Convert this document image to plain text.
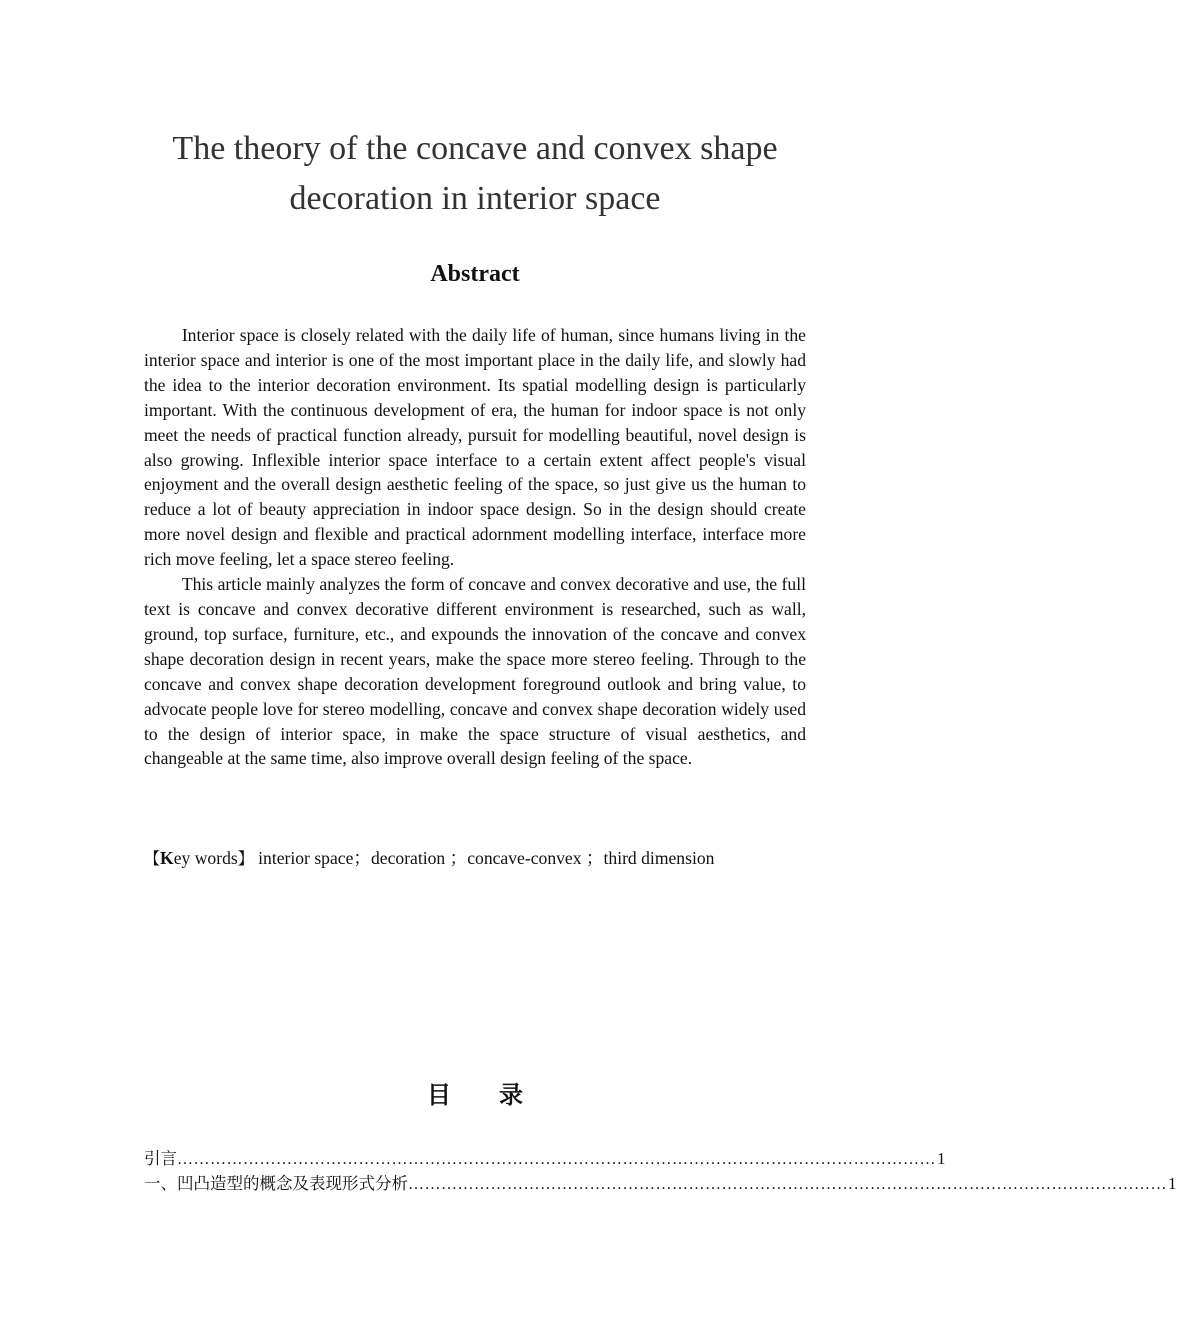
The theory of the concave and convex shape
decoration in interior space
Abstract

Interior space is closely related with the daily life of human, since humans living in the interior space and interior is one of the most important place in the daily life, and slowly had the idea to the interior decoration environment. Its spatial modelling design is particularly important. With the continuous development of era, the human for indoor space is not only meet the needs of practical function already, pursuit for modelling beautiful, novel design is also growing. Inflexible interior space interface to a certain extent affect people's visual enjoyment and the overall design aesthetic feeling of the space, so just give us the human to reduce a lot of beauty appreciation in indoor space design. So in the design should create more novel design and flexible and practical adornment modelling interface, interface more rich move feeling, let a space stereo feeling.

This article mainly analyzes the form of concave and convex decorative and use, the full text is concave and convex decorative different environment is researched, such as wall, ground, top surface, furniture, etc., and expounds the innovation of the concave and convex shape decoration design in recent years, make the space more stereo feeling. Through to the concave and convex shape decoration development foreground outlook and bring value, to advocate people love for stereo modelling, concave and convex shape decoration widely used to the design of interior space, in make the space structure of visual aesthetics, and changeable at the same time, also improve overall design feeling of the space.

【Key words】 interior space；decoration ；concave-convex ；third dimension
目 录
引言 ………………………………………………………………………………………………………………………… 1
一、凹凸造型的概念及表现形式分析 ………………………………………………………………………………………………………………………… 1
